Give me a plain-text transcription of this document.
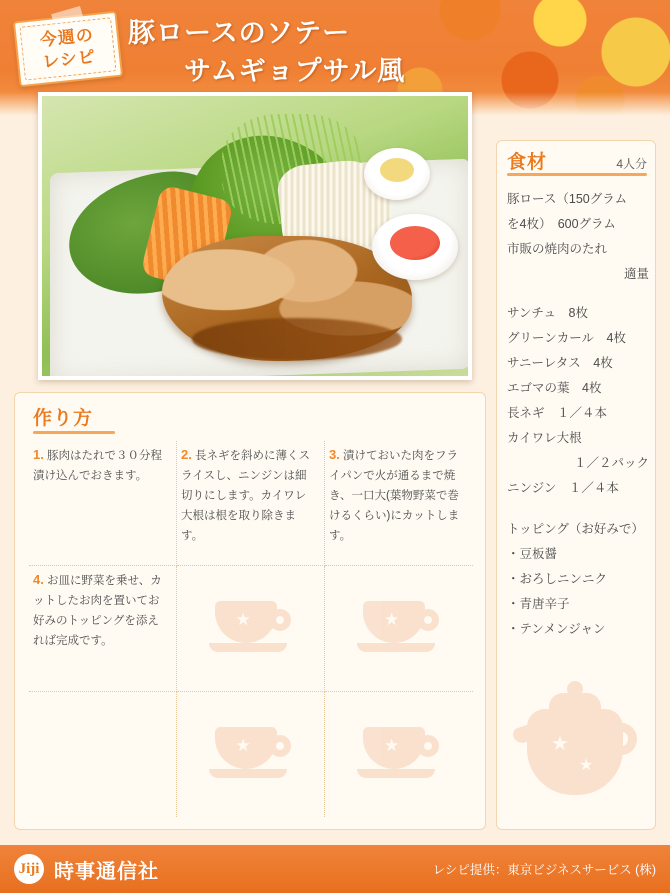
今週の
レシピ
豚ロースのソテー
サムギョプサル風
作り方
1. 豚肉はたれで３０分程漬け込んでおきます。
2. 長ネギを斜めに薄くスライスし、ニンジンは細切りにします。カイワレ大根は根を取り除きます。
3. 漬けておいた肉をフライパンで火が通るまで焼き、一口大(葉物野菜で巻けるくらい)にカットします。
4. お皿に野菜を乗せ、カットしたお肉を置いてお好みのトッピングを添えれば完成です。
★	★
★	★
食材	4人分
豚ロース（150グラム
を4枚）　600グラム
市販の焼肉のたれ
適量
サンチュ　8枚
グリーンカール　4枚
サニーレタス　4枚
エゴマの葉　4枚
長ネギ　１／４本
カイワレ大根
１／２パック
ニンジン　１／４本
トッピング（お好みで）
・豆板醤
・おろしニンニク
・青唐辛子
・テンメンジャン
★
★
Jiji 時事通信社	レシピ提供：東京ビジネスサービス (株)
